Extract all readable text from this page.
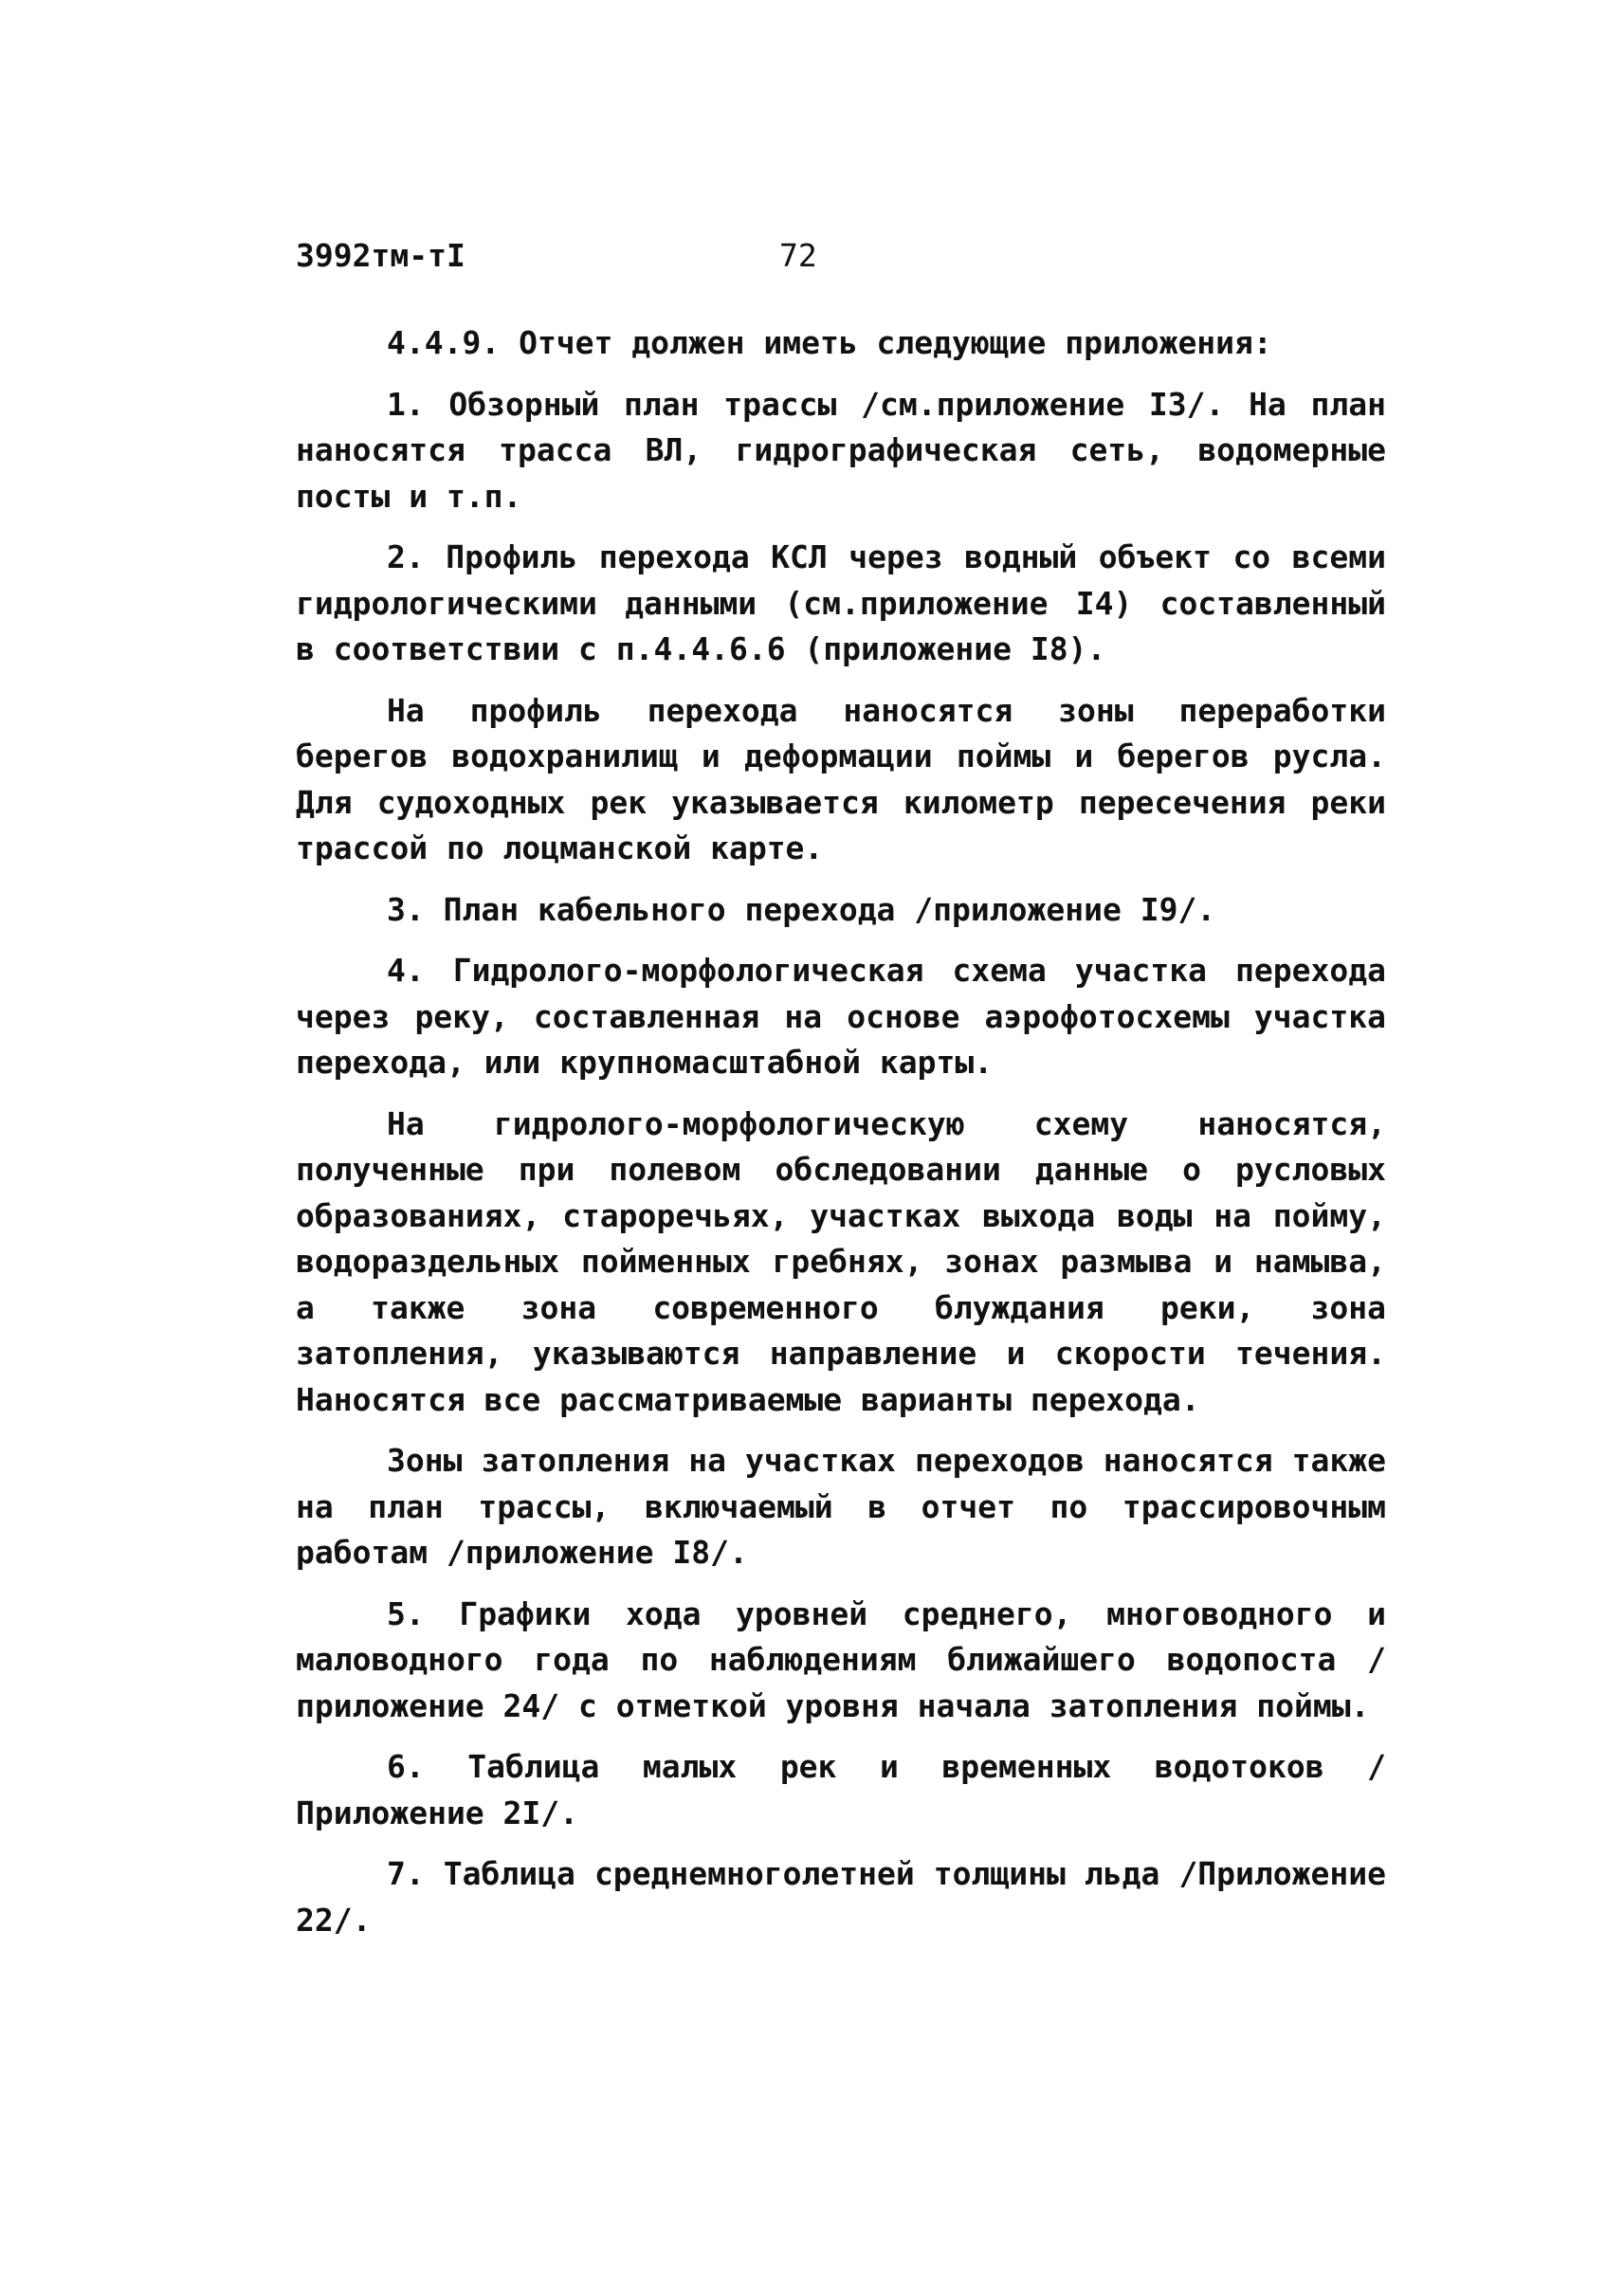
3992тм-тI	72

4.4.9. Отчет должен иметь следующие приложения:

1. Обзорный план трассы /см.приложение I3/. На план наносятся трасса ВЛ, гидрографическая сеть, водомерные посты и т.п.

2. Профиль перехода КСЛ через водный объект со всеми гидрологическими данными (см.приложение I4) составленный в соответствии с п.4.4.6.6 (приложение I8).

На профиль перехода наносятся зоны переработки берегов водохранилищ и деформации поймы и берегов русла. Для судоходных рек указывается километр пересечения реки трассой по лоцманской карте.

3. План кабельного перехода /приложение I9/.

4. Гидролого-морфологическая схема участка перехода через реку, составленная на основе аэрофотосхемы участка перехода, или крупномасштабной карты.

На гидролого-морфологическую схему наносятся, полученные при полевом обследовании данные о русловых образованиях, старoречьях, участках выхода воды на пойму, водораздельных пойменных гребнях, зонах размыва и намыва, а также зона современного блуждания реки, зона затопления, указываются направление и скорости течения. Наносятся все рассматриваемые варианты перехода.

Зоны затопления на участках переходов наносятся также на план трассы, включаемый в отчет по трассировочным работам /приложение I8/.

5. Графики хода уровней среднего, многоводного и маловодного года по наблюдениям ближайшего водопоста /приложение 24/ с отметкой уровня начала затопления поймы.

6. Таблица малых рек и временных водотоков /Приложение 2I/.

7. Таблица среднемноголетней толщины льда /Приложение 22/.
